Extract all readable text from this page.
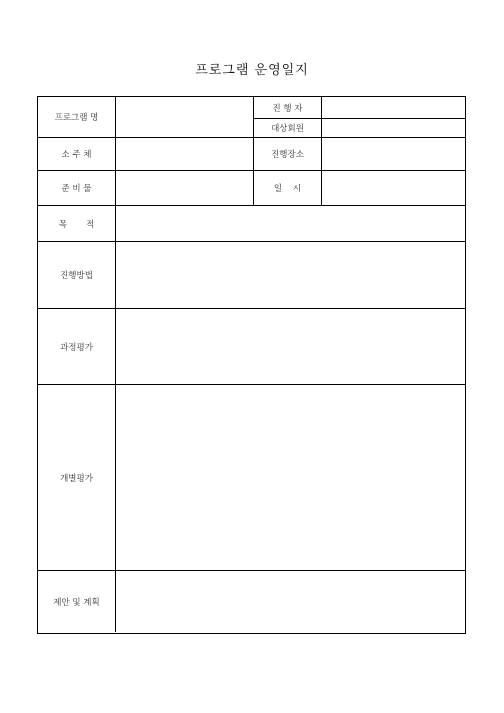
프로그램 운영일지
프로그램 명
진 행 자
대상회원
소 주 체	진행장소
준 비 물	일    시
목       적
진행방법
과정평가
개별평가
제안 및 계획
